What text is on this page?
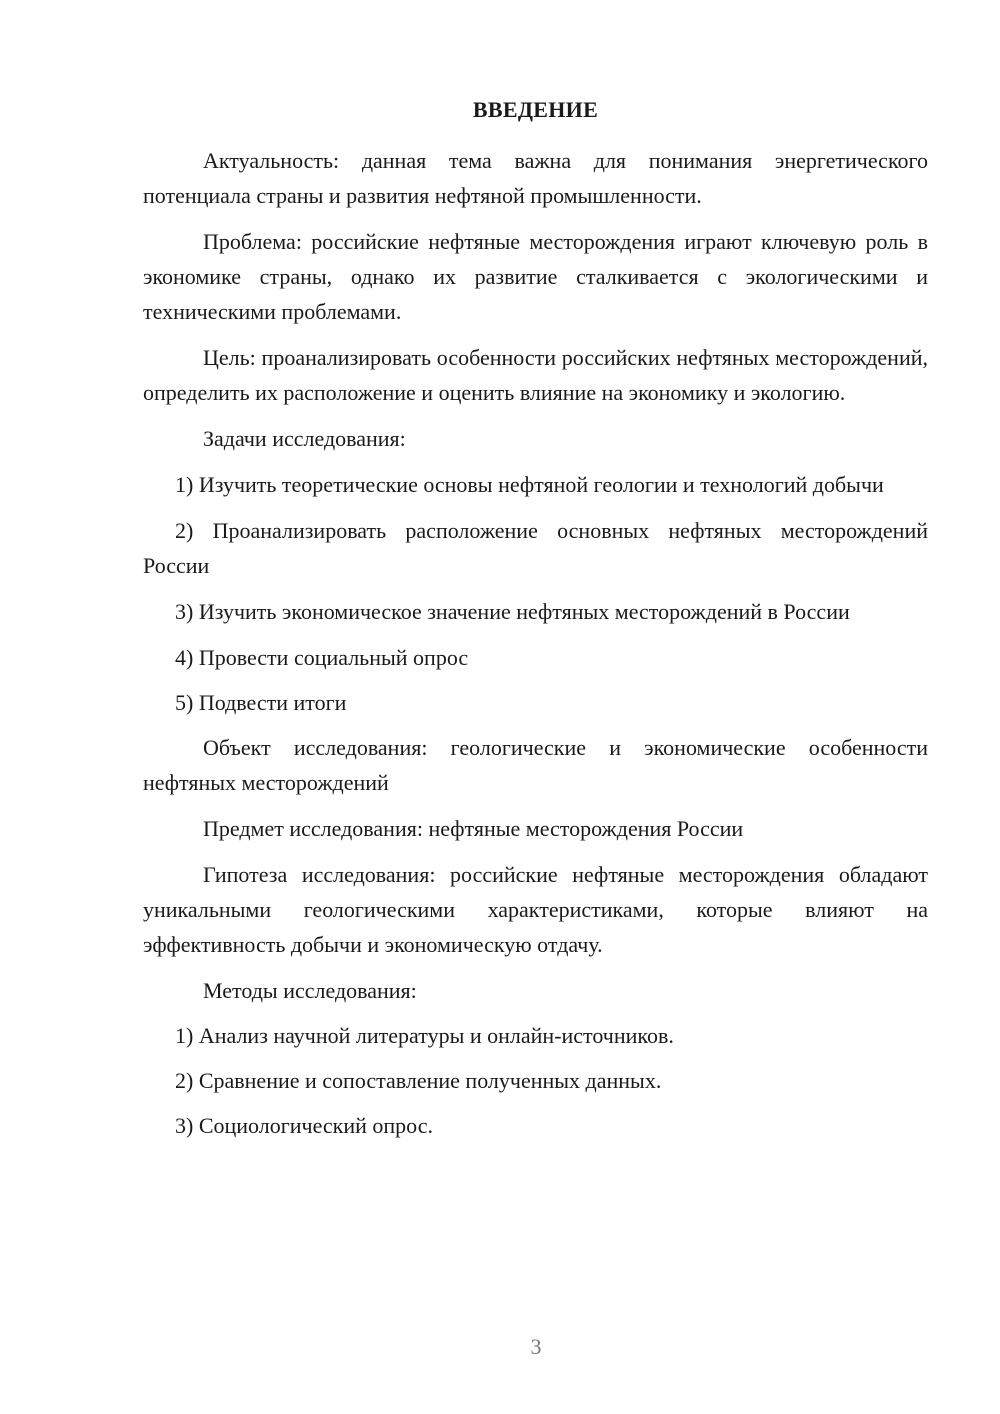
ВВЕДЕНИЕ

Актуальность: данная тема важна для понимания энергетического потенциала страны и развития нефтяной промышленности.

Проблема: российские нефтяные месторождения играют ключевую роль в экономике страны, однако их развитие сталкивается с экологическими и техническими проблемами.

Цель: проанализировать особенности российских нефтяных месторождений, определить их расположение и оценить влияние на экономику и экологию.

Задачи исследования:

1) Изучить теоретические основы нефтяной геологии и технологий добычи

2) Проанализировать расположение основных нефтяных месторождений России

3) Изучить экономическое значение нефтяных месторождений в России

4) Провести социальный опрос

5) Подвести итоги

Объект исследования: геологические и экономические особенности нефтяных месторождений

Предмет исследования: нефтяные месторождения России

Гипотеза исследования: российские нефтяные месторождения обладают уникальными геологическими характеристиками, которые влияют на эффективность добычи и экономическую отдачу.

Методы исследования:

1) Анализ научной литературы и онлайн-источников.

2) Сравнение и сопоставление полученных данных.

3) Социологический опрос.

3
